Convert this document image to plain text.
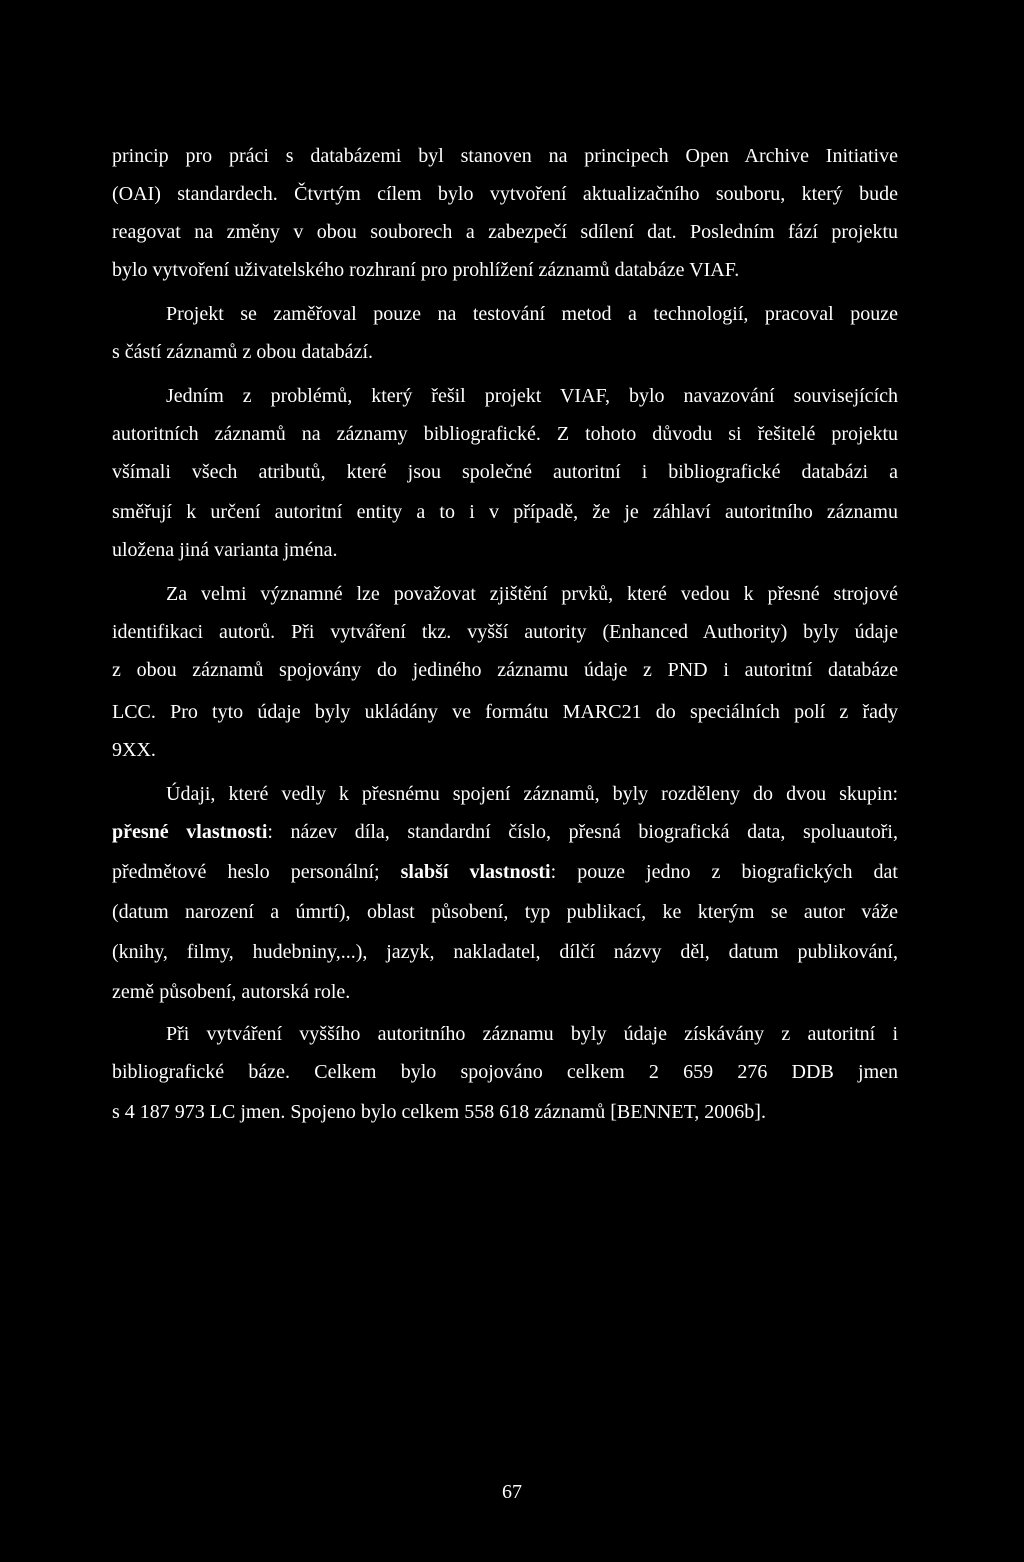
princip pro práci s databázemi byl stanoven na principech Open Archive Initiative
(OAI) standardech. Čtvrtým cílem bylo vytvoření aktualizačního souboru, který bude
reagovat na změny v obou souborech a zabezpečí sdílení dat. Posledním fází projektu
bylo vytvoření uživatelského rozhraní pro prohlížení záznamů databáze VIAF.
Projekt se zaměřoval pouze na testování metod a technologií, pracoval pouze
s částí záznamů z obou databází.
Jedním z problémů, který řešil projekt VIAF, bylo navazování souvisejících
autoritních záznamů na záznamy bibliografické. Z tohoto důvodu si řešitelé projektu
všímali všech atributů, které jsou společné autoritní i bibliografické databázi a
směřují k určení autoritní entity a to i v případě, že je záhlaví autoritního záznamu
uložena jiná varianta jména.
Za velmi významné lze považovat zjištění prvků, které vedou k přesné strojové
identifikaci autorů. Při vytváření tkz. vyšší autority (Enhanced Authority) byly údaje
z obou záznamů spojovány do jediného záznamu údaje z PND i autoritní databáze
LCC. Pro tyto údaje byly ukládány ve formátu MARC21 do speciálních polí z řady
9XX.
Údaji, které vedly k přesnému spojení záznamů, byly rozděleny do dvou skupin:
přesné vlastnosti: název díla, standardní číslo, přesná biografická data, spoluautoři,
předmětové heslo personální; slabší vlastnosti: pouze jedno z biografických dat
(datum narození a úmrtí), oblast působení, typ publikací, ke kterým se autor váže
(knihy, filmy, hudebniny,...), jazyk, nakladatel, dílčí názvy děl, datum publikování,
země působení, autorská role.
Při vytváření vyššího autoritního záznamu byly údaje získávány z autoritní i
bibliografické báze. Celkem bylo spojováno celkem 2 659 276 DDB jmen
s 4 187 973 LC jmen. Spojeno bylo celkem 558 618 záznamů [BENNET, 2006b].
67
